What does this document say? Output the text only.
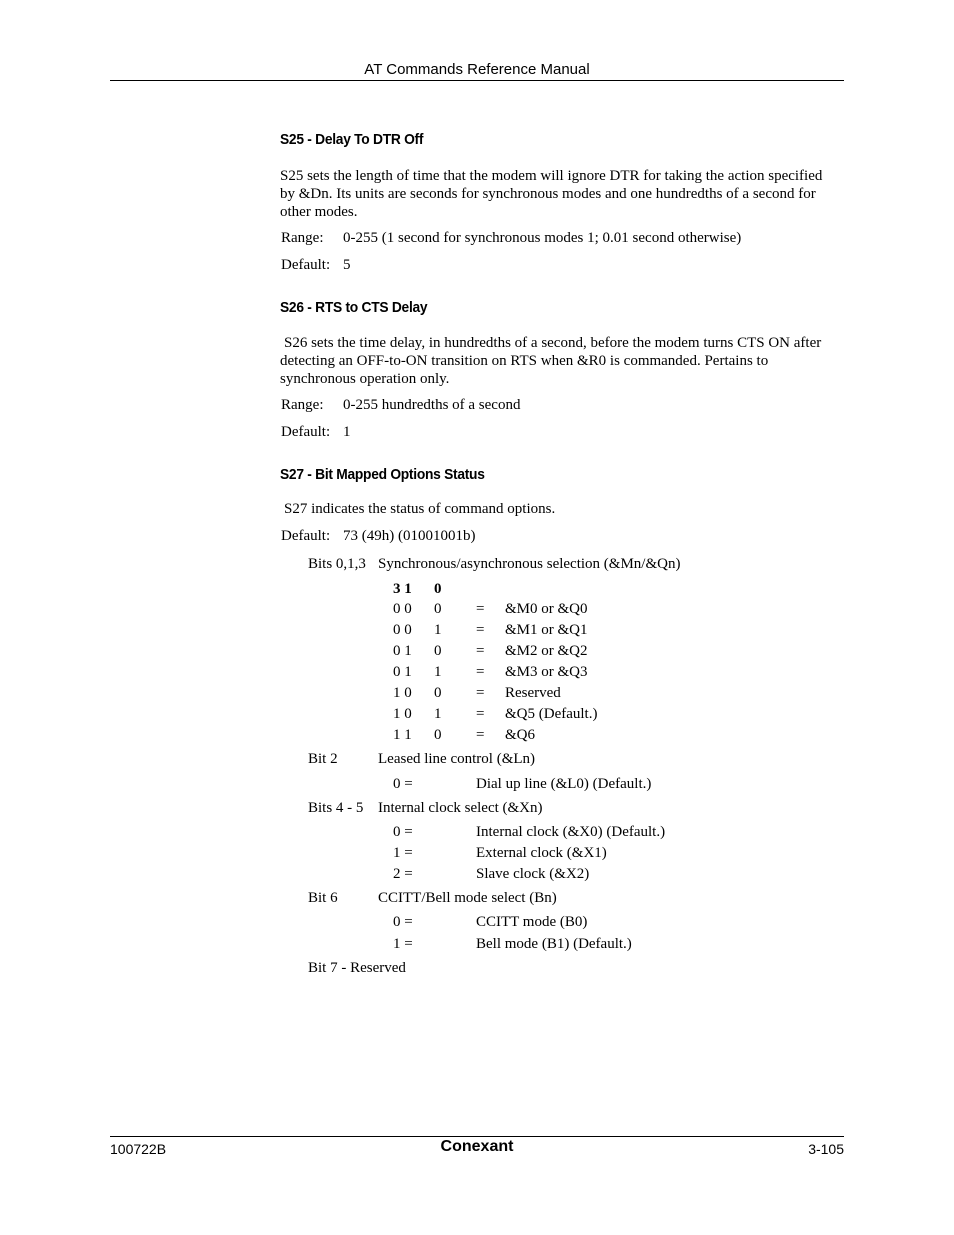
AT Commands Reference Manual
S25 - Delay To DTR Off
S25 sets the length of time that the modem will ignore DTR for taking the action specified by &Dn. Its units are seconds for synchronous modes and one hundredths of a second for other modes.
Range: 0-255 (1 second for synchronous modes 1; 0.01 second otherwise)
Default: 5
S26 - RTS to CTS Delay
S26 sets the time delay, in hundredths of a second, before the modem turns CTS ON after detecting an OFF-to-ON transition on RTS when &R0 is commanded. Pertains to synchronous operation only.
Range: 0-255 hundredths of a second
Default: 1
S27 - Bit Mapped Options Status
S27 indicates the status of command options.
Default: 73 (49h) (01001001b)
Bits 0,1,3 Synchronous/asynchronous selection (&Mn/&Qn)
3 1 0
0 0 0 = &M0 or &Q0
0 0 1 = &M1 or &Q1
0 1 0 = &M2 or &Q2
0 1 1 = &M3 or &Q3
1 0 0 = Reserved
1 0 1 = &Q5 (Default.)
1 1 0 = &Q6
Bit 2	Leased line control (&Ln)
0 =	Dial up line (&L0) (Default.)
Bits 4 - 5 Internal clock select (&Xn)
0 =	Internal clock (&X0) (Default.)
1 =	External clock (&X1)
2 =	Slave clock (&X2)
Bit 6	CCITT/Bell mode select (Bn)
0 =	CCITT mode (B0)
1 =	Bell mode (B1) (Default.)
Bit 7 - Reserved
100722B	Conexant	3-105
